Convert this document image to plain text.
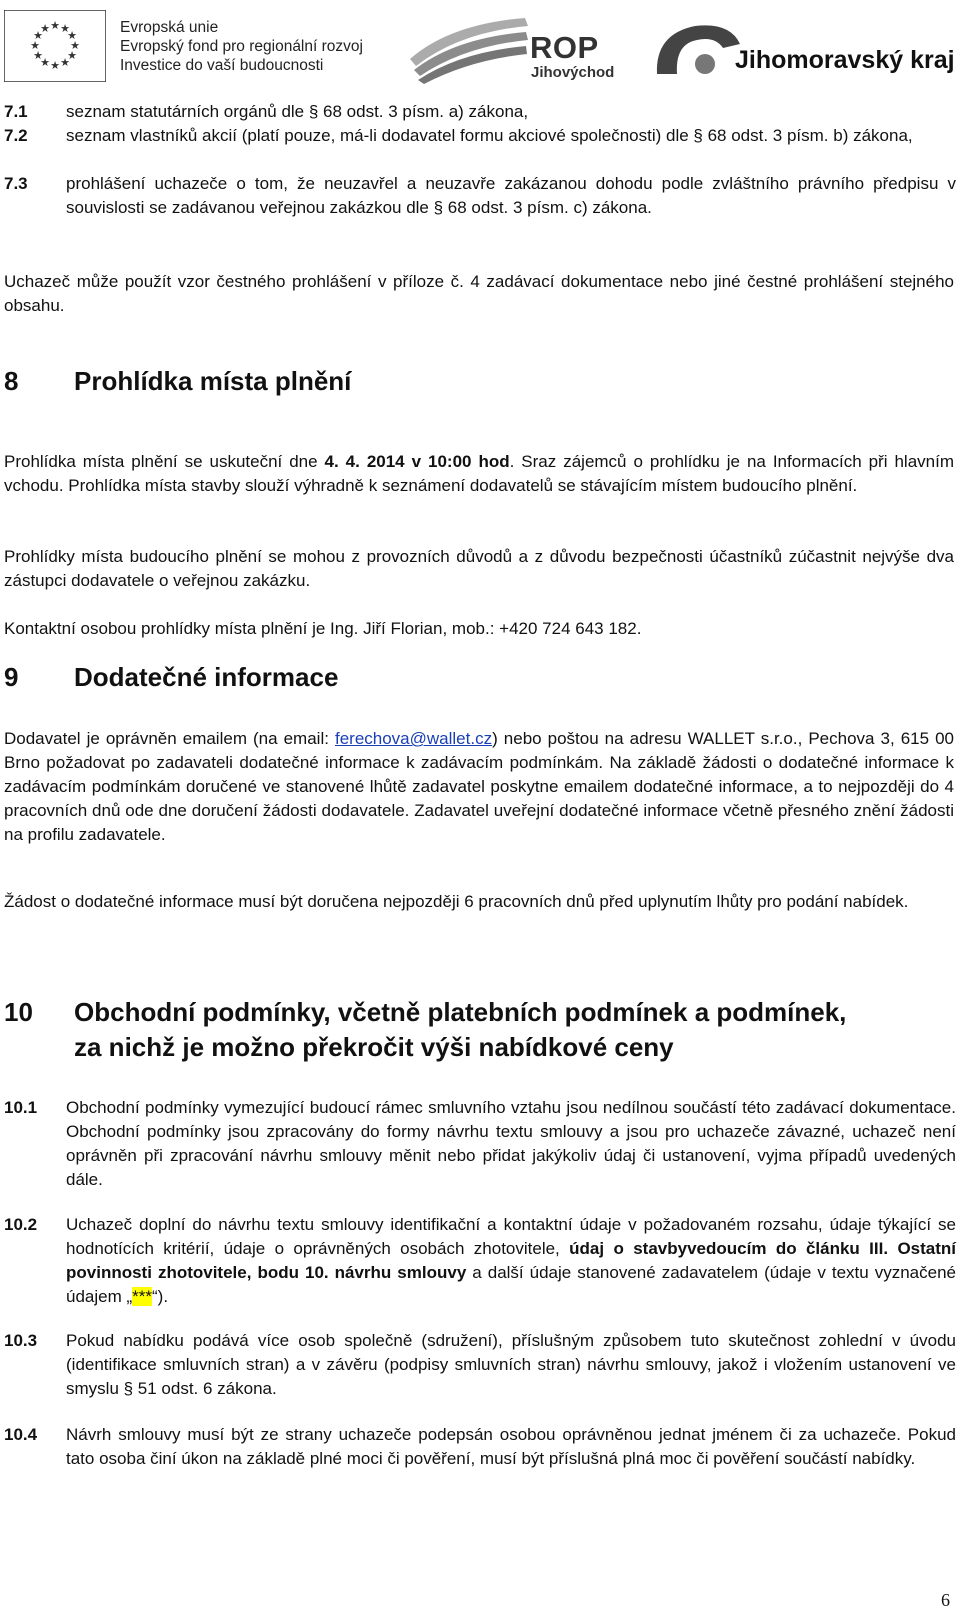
★ ★
★
★
★
★
★
★
★
★
★
★	Evropská unie
Evropský fond pro regionální rozvoj
Investice do vaší budoucnosti
ROP
Jihovýchod	Jihomoravský kraj
7.1 seznam statutárních orgánů dle § 68 odst. 3 písm. a) zákona,
7.2 seznam vlastníků akcií (platí pouze, má-li dodavatel formu akciové společnosti) dle § 68 odst. 3 písm. b) zákona,
7.3 prohlášení uchazeče o tom, že neuzavřel a neuzavře zakázanou dohodu podle zvláštního právního předpisu v souvislosti se zadávanou veřejnou zakázkou dle § 68 odst. 3 písm. c) zákona.
Uchazeč může použít vzor čestného prohlášení v příloze č. 4 zadávací dokumentace nebo jiné čestné prohlášení stejného obsahu.
8 Prohlídka místa plnění
Prohlídka místa plnění se uskuteční dne 4. 4. 2014 v 10:00 hod. Sraz zájemců o prohlídku je na Informacích při hlavním vchodu. Prohlídka místa stavby slouží výhradně k seznámení dodavatelů se stávajícím místem budoucího plnění.
Prohlídky místa budoucího plnění se mohou z provozních důvodů a z důvodu bezpečnosti účastníků zúčastnit nejvýše dva zástupci dodavatele o veřejnou zakázku.
Kontaktní osobou prohlídky místa plnění je Ing. Jiří Florian, mob.: +420 724 643 182.
9 Dodatečné informace
Dodavatel je oprávněn emailem (na email: ferechova@wallet.cz) nebo poštou na adresu WALLET s.r.o., Pechova 3, 615 00 Brno požadovat po zadavateli dodatečné informace k zadávacím podmínkám. Na základě žádosti o dodatečné informace k zadávacím podmínkám doručené ve stanovené lhůtě zadavatel poskytne emailem dodatečné informace, a to nejpozději do 4 pracovních dnů ode dne doručení žádosti dodavatele. Zadavatel uveřejní dodatečné informace včetně přesného znění žádosti na profilu zadavatele.
Žádost o dodatečné informace musí být doručena nejpozději 6 pracovních dnů před uplynutím lhůty pro podání nabídek.
10 Obchodní podmínky, včetně platebních podmínek a podmínek,
za nichž je možno překročit výši nabídkové ceny
10.1 Obchodní podmínky vymezující budoucí rámec smluvního vztahu jsou nedílnou součástí této zadávací dokumentace. Obchodní podmínky jsou zpracovány do formy návrhu textu smlouvy a jsou pro uchazeče závazné, uchazeč není oprávněn při zpracování návrhu smlouvy měnit nebo přidat jakýkoliv údaj či ustanovení, vyjma případů uvedených dále.
10.2 Uchazeč doplní do návrhu textu smlouvy identifikační a kontaktní údaje v požadovaném rozsahu, údaje týkající se hodnotících kritérií, údaje o oprávněných osobách zhotovitele, údaj o stavbyvedoucím do článku III. Ostatní povinnosti zhotovitele, bodu 10. návrhu smlouvy a další údaje stanovené zadavatelem (údaje v textu vyznačené údajem „***“).
10.3 Pokud nabídku podává více osob společně (sdružení), příslušným způsobem tuto skutečnost zohlední v úvodu (identifikace smluvních stran) a v závěru (podpisy smluvních stran) návrhu smlouvy, jakož i vložením ustanovení ve smyslu § 51 odst. 6 zákona.
10.4 Návrh smlouvy musí být ze strany uchazeče podepsán osobou oprávněnou jednat jménem či za uchazeče. Pokud tato osoba činí úkon na základě plné moci či pověření, musí být příslušná plná moc či pověření součástí nabídky.
6
